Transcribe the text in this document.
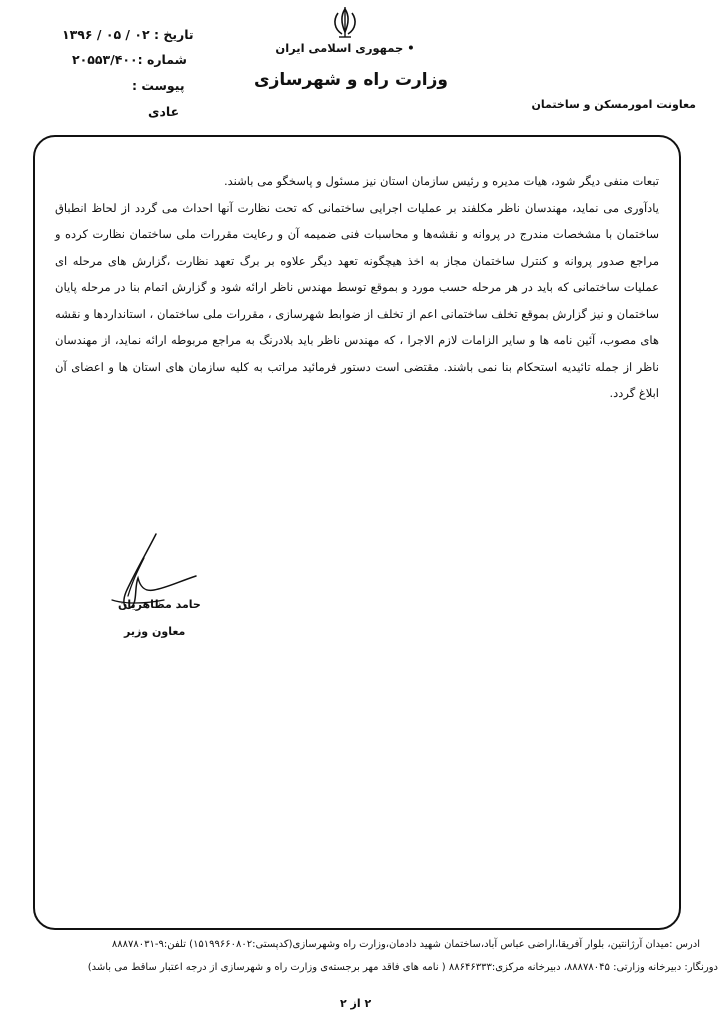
تاریخ : ۰۲ / ۰۵ / ۱۳۹۶
شماره :۲۰۵۵۳/۴۰۰
پیوست :
عادی
• جمهوری اسلامی ایران
وزارت راه و شهرسازی
معاونت امورمسکن و ساختمان

تبعات منفی دیگر شود، هیات مدیره و رئیس سازمان استان نیز مسئول و پاسخگو می باشند.

یادآوری می نماید، مهندسان ناظر مکلفند بر عملیات اجرایی ساختمانی که تحت نظارت آنها احداث می گردد از لحاظ انطباق ساختمان با مشخصات مندرج در پروانه و نقشه‌ها و محاسبات فنی ضمیمه آن و رعایت مقررات ملی ساختمان نظارت کرده و مراجع صدور پروانه و کنترل ساختمان مجاز به اخذ هیچگونه تعهد دیگر علاوه بر برگ تعهد نظارت ،گزارش های مرحله ای عملیات ساختمانی که باید در هر مرحله حسب مورد و بموقع توسط مهندس ناظر ارائه شود و گزارش اتمام بنا در مرحله پایان ساختمان و نیز گزارش بموقع تخلف ساختمانی اعم از تخلف از ضوابط شهرسازی ، مقررات ملی ساختمان ، استانداردها و نقشه های مصوب، آئین نامه ها و سایر الزامات لازم الاجرا ، که مهندس ناظر باید بلادرنگ به مراجع مربوطه ارائه نماید، از مهندسان ناظر از جمله تائیدیه استحکام بنا نمی باشند. مقتضی است دستور فرمائید مراتب به کلیه سازمان های استان ها و اعضای آن ابلاغ گردد.

حامد مظاهریان
معاون وزیر
ادرس :میدان آرژانتین، بلوار آفریقا،اراضی عباس آباد،ساختمان شهید دادمان،وزارت راه وشهرسازی(کدپستی:۱۵۱۹۹۶۶۰۸۰۲) تلفن:۹-۸۸۸۷۸۰۳۱
دورنگار: دبیرخانه وزارتی: ۸۸۸۷۸۰۴۵، دبیرخانه مرکزی:۸۸۶۴۶۳۳۳ ( نامه های فاقد مهر برجسته‌ی وزارت راه و شهرسازی از درجه اعتبار ساقط می باشد)
۲ از ۲
